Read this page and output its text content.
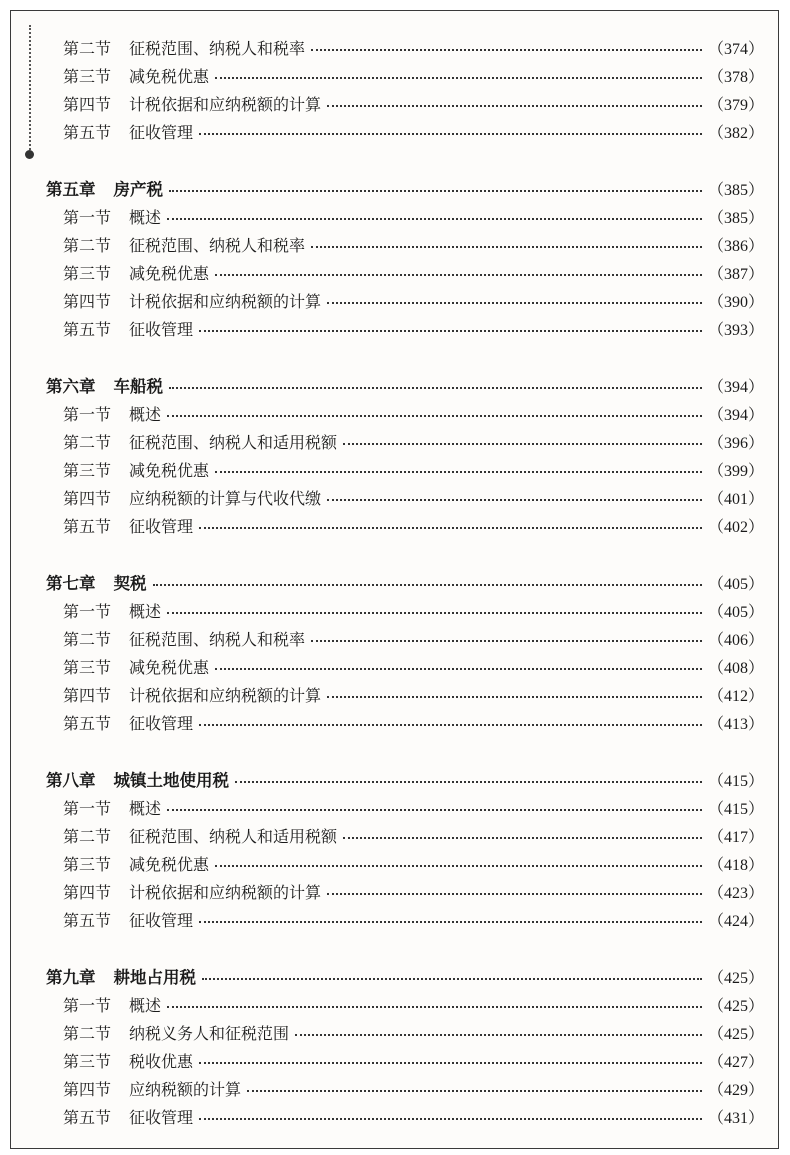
第二节 征税范围、纳税人和税率	（374）
第三节 减免税优惠	（378）
第四节 计税依据和应纳税额的计算	（379）
第五节 征收管理	（382）
第五章 房产税	（385）
第一节 概述	（385）
第二节 征税范围、纳税人和税率	（386）
第三节 减免税优惠	（387）
第四节 计税依据和应纳税额的计算	（390）
第五节 征收管理	（393）
第六章 车船税	（394）
第一节 概述	（394）
第二节 征税范围、纳税人和适用税额	（396）
第三节 减免税优惠	（399）
第四节 应纳税额的计算与代收代缴	（401）
第五节 征收管理	（402）
第七章 契税	（405）
第一节 概述	（405）
第二节 征税范围、纳税人和税率	（406）
第三节 减免税优惠	（408）
第四节 计税依据和应纳税额的计算	（412）
第五节 征收管理	（413）
第八章 城镇土地使用税	（415）
第一节 概述	（415）
第二节 征税范围、纳税人和适用税额	（417）
第三节 减免税优惠	（418）
第四节 计税依据和应纳税额的计算	（423）
第五节 征收管理	（424）
第九章 耕地占用税	（425）
第一节 概述	（425）
第二节 纳税义务人和征税范围	（425）
第三节 税收优惠	（427）
第四节 应纳税额的计算	（429）
第五节 征收管理	（431）
